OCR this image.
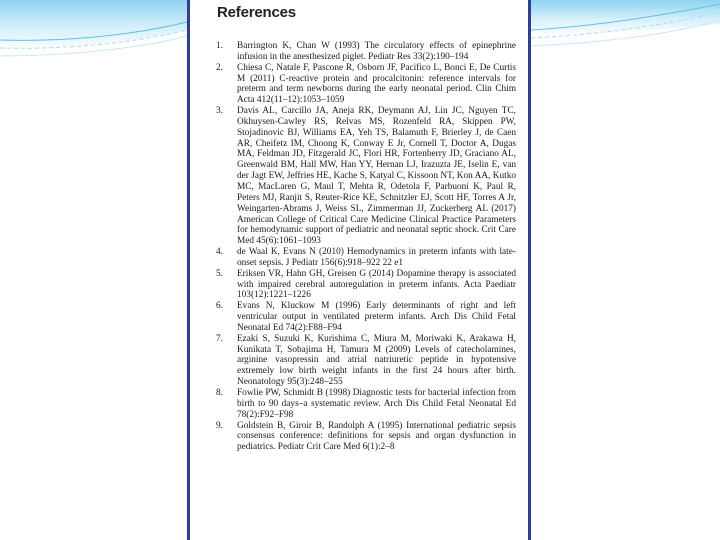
References
1. Barrington K, Chan W (1993) The circulatory effects of epinephrine infusion in the anesthesized piglet. Pediatr Res 33(2):190–194
2. Chiesa C, Natale F, Pascone R, Osborn JF, Pacifico L, Bonci E, De Curtis M (2011) C-reactive protein and procalcitonin: reference intervals for preterm and term newborns during the early neonatal period. Clin Chim Acta 412(11–12):1053–1059
3. Davis AL, Carcillo JA, Aneja RK, Deymann AJ, Lin JC, Nguyen TC, Okhuysen-Cawley RS, Relvas MS, Rozenfeld RA, Skippen PW, Stojadinovic BJ, Williams EA, Yeh TS, Balamuth F, Brierley J, de Caen AR, Cheifetz IM, Choong K, Conway E Jr, Cornell T, Doctor A, Dugas MA, Feldman JD, Fitzgerald JC, Flori HR, Fortenberry JD, Graciano AL, Greenwald BM, Hall MW, Han YY, Hernan LJ, Irazuzta JE, Iselin E, van der Jagt EW, Jeffries HE, Kache S, Katyal C, Kissoon NT, Kon AA, Kutko MC, MacLaren G, Maul T, Mehta R, Odetola F, Parbuoni K, Paul R, Peters MJ, Ranjit S, Reuter-Rice KE, Schnitzler EJ, Scott HF, Torres A Jr, Weingarten-Abrams J, Weiss SL, Zimmerman JJ, Zuckerberg AL (2017) American College of Critical Care Medicine Clinical Practice Parameters for hemodynamic support of pediatric and neonatal septic shock. Crit Care Med 45(6):1061–1093
4. de Waal K, Evans N (2010) Hemodynamics in preterm infants with late-onset sepsis. J Pediatr 156(6):918–922 22 e1
5. Eriksen VR, Hahn GH, Greisen G (2014) Dopamine therapy is associated with impaired cerebral autoregulation in preterm infants. Acta Paediatr 103(12):1221–1226
6. Evans N, Kluckow M (1996) Early determinants of right and left ventricular output in ventilated preterm infants. Arch Dis Child Fetal Neonatal Ed 74(2):F88–F94
7. Ezaki S, Suzuki K, Kurishima C, Miura M, Moriwaki K, Arakawa H, Kunikata T, Sobajima H, Tamura M (2009) Levels of catecholamines, arginine vasopressin and atrial natriuretic peptide in hypotensive extremely low birth weight infants in the first 24 hours after birth. Neonatology 95(3):248–255
8. Fowlie PW, Schmidt B (1998) Diagnostic tests for bacterial infection from birth to 90 days–a systematic review. Arch Dis Child Fetal Neonatal Ed 78(2):F92–F98
9. Goldstein B, Giroir B, Randolph A (1995) International pediatric sepsis consensus conference: definitions for sepsis and organ dysfunction in pediatrics. Pediatr Crit Care Med 6(1):2–8
